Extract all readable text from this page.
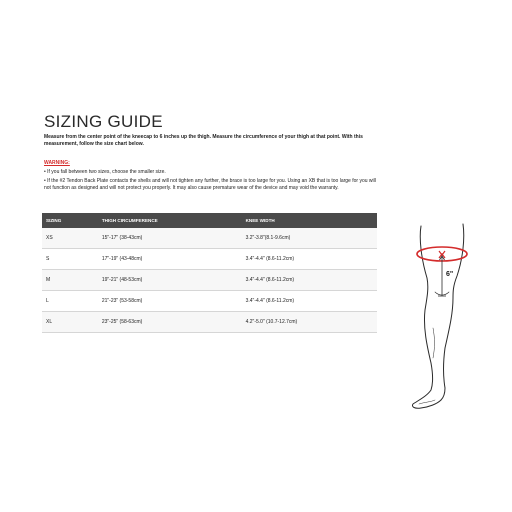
SIZING GUIDE
Measure from the center point of the kneecap to 6 inches up the thigh. Measure the circumference of your thigh at that point. With this measurement, follow the size chart below.
WARNING:
• If you fall between two sizes, choose the smaller size.
• If the #2 Tendon Back Plate contacts the shells and will not tighten any further, the brace is too large for you. Using an XB that is too large for you will not function as designed and will not protect you properly. It may also cause premature wear of the device and may void the warranty.
SIZING	THIGH CIRCUMFERENCE	KNEE WIDTH
XS	15"-17" (38-43cm)	3.2"-3.8"(8.1-9.6cm)
S	17"-19" (43-48cm)	3.4"-4.4" (8.6-11.2cm)
M	19"-21" (48-53cm)	3.4"-4.4" (8.6-11.2cm)
L	21"-23" (53-58cm)	3.4"-4.4" (8.6-11.2cm)
XL	23"-25" (58-63cm)	4.2"-5.0" (10.7-12.7cm)
6"
